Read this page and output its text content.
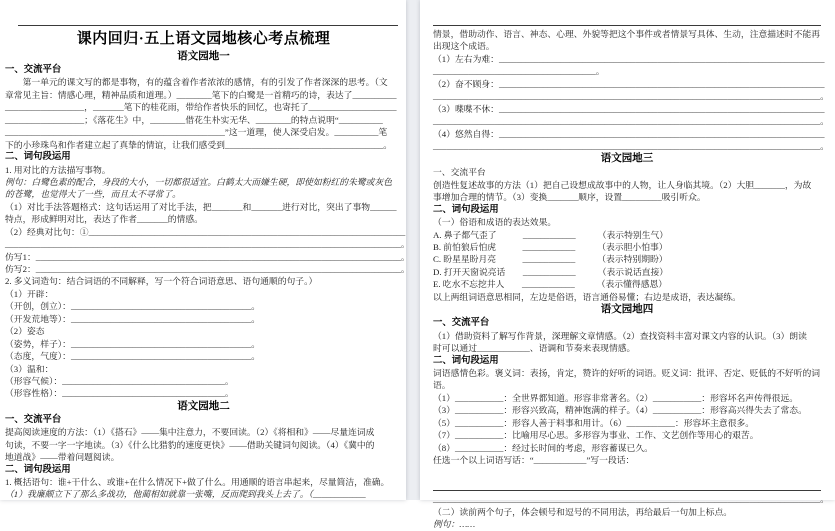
课内回归·五上语文园地核心考点梳理
语文园地一
一、交流平台
　　第一单元的课文写的都是事物，有的蕴含着作者浓浓的感情，有的引发了作者深深的思考。（文
章常见主旨：情感心理，精神品质和道理。）________笔下的白鹭是一首精巧的诗，表达了__________
__________________，_______笔下的桂花雨，带给作者快乐的回忆，也寄托了____________________
__________________；《落花生》中，________借花生朴实无华、________的特点说明“__________
__________________________________________________”这一道理，使人深受启发。__________笔
下的小珍珠鸟和作者建立起了真挚的情谊，让我们感受到____________________________________。
二、词句段运用
1. 用对比的方法描写事物。
例句：白鹭色素的配合，身段的大小，一切都很适宜。白鹤太大而嫌生硬，即使如粉红的朱鹭或灰色
的苍鹭，也觉得大了一些，而且太不寻常了。
（1）对比手法答题格式：这句话运用了对比手法，把_______和_______进行对比，突出了事物______
特点，形成鲜明对比，表达了作者_______的情感。
（2）经典对比句：①________________________________________________________________________
__________________________________________________________________________________________。
仿写1：___________________________________________________________________________________。
仿写2：___________________________________________________________________________________。
2. 多义词造句：结合词语的不同解释，写一个符合词语意思、语句通顺的句子。）
（1）开辟：
（开创，创立）：_________________________________________。
（开发荒地等）：_________________________________________。
（2）姿态
（姿势，样子）：_________________________________________。
（态度，气度）：_________________________________________。
（3）温和：
（形容气候）：_____________________________________。
（形容性格）：_____________________________________。
语文园地二
一、交流平台
提高阅读速度的方法：（1）《搭石》——集中注意力，不要回读。（2）《将相和》——尽量连词成
句读，不要一字一字地读。（3）《什么比猎豹的速度更快》——借助关键词句阅读。（4）《冀中的
地道战》——带着问题阅读。
二、词句段运用
1. 概括语句：谁+干什么、或谁+在什么情况下+做了什么。用通顺的语言串起来，尽量简洁，准确。
（1）我廉颇立下了那么多战功，他蔺相如就靠一张嘴，反而爬到我头上去了。（____________
情景，借助动作、语言、神态、心理、外貌等把这个事件或者情景写具体、生动，注意描述时不能再
出现这个成语。
（1）左右为难：__________________________________________________________________________
_____________________________________。
（2）奋不顾身：__________________________________________________________________________
________________________________________________________________________________________。
（3）喋喋不休：__________________________________________________________________________
________________________________________________________________________________________。
（4）悠然自得：__________________________________________________________________________
________________________________________________________________________________________。
语文园地三
一、交流平台
创造性复述故事的方法（1）把自己设想成故事中的人物，让人身临其境。（2）大胆_______，为故
事增加合理的情节。（3）变换_______顺序，设置_________吸引听众。
二、词句段运用
（一）俗语和成语的表达效果。
A. 鼻子都气歪了　　　____________　　　（表示特别生气）
B. 前怕狼后怕虎　　　____________　　　（表示胆小怕事）
C. 盼星星盼月亮　　　____________　　　（表示特别期盼）
D. 打开天窗说亮话　　____________　　　（表示说话直接）
E. 吃水不忘挖井人　　____________　　　（表示懂得感恩）
以上两组词语意思相同，左边是俗语，语言通俗易懂；右边是成语，表达凝练。
语文园地四
一、交流平台
（1）借助资料了解写作背景，深理解文章情感。（2）查找资料丰富对课文内容的认识。（3）朗读
时可以通过____________、语调和节奏来表现情感。
二、词句段运用
词语感情色彩。褒义词：表扬，肯定，赞许的好听的词语。贬义词：批评、否定、贬低的不好听的词
语。
（1）___________：全世界都知道。形容非常著名。（2）___________：形容坏名声传得很远。
（3）___________：形容兴致高，精神饱满的样子。（4）___________：形容高兴得失去了常态。
（5）___________：形容人善于料事和用计。（6）___________：形容坏主意很多。
（7）___________：比喻用尽心思。多形容为事业、工作、文艺创作等用心的艰苦。
（8）___________：经过长时间的考虑，形容蓄谋已久。
任选一个以上词语写话：“____________”写一段话：
________________________________________________________________________________________。
（二）读前两个句子，体会顿号和逗号的不同用法，再给最后一句加上标点。
例句：……
